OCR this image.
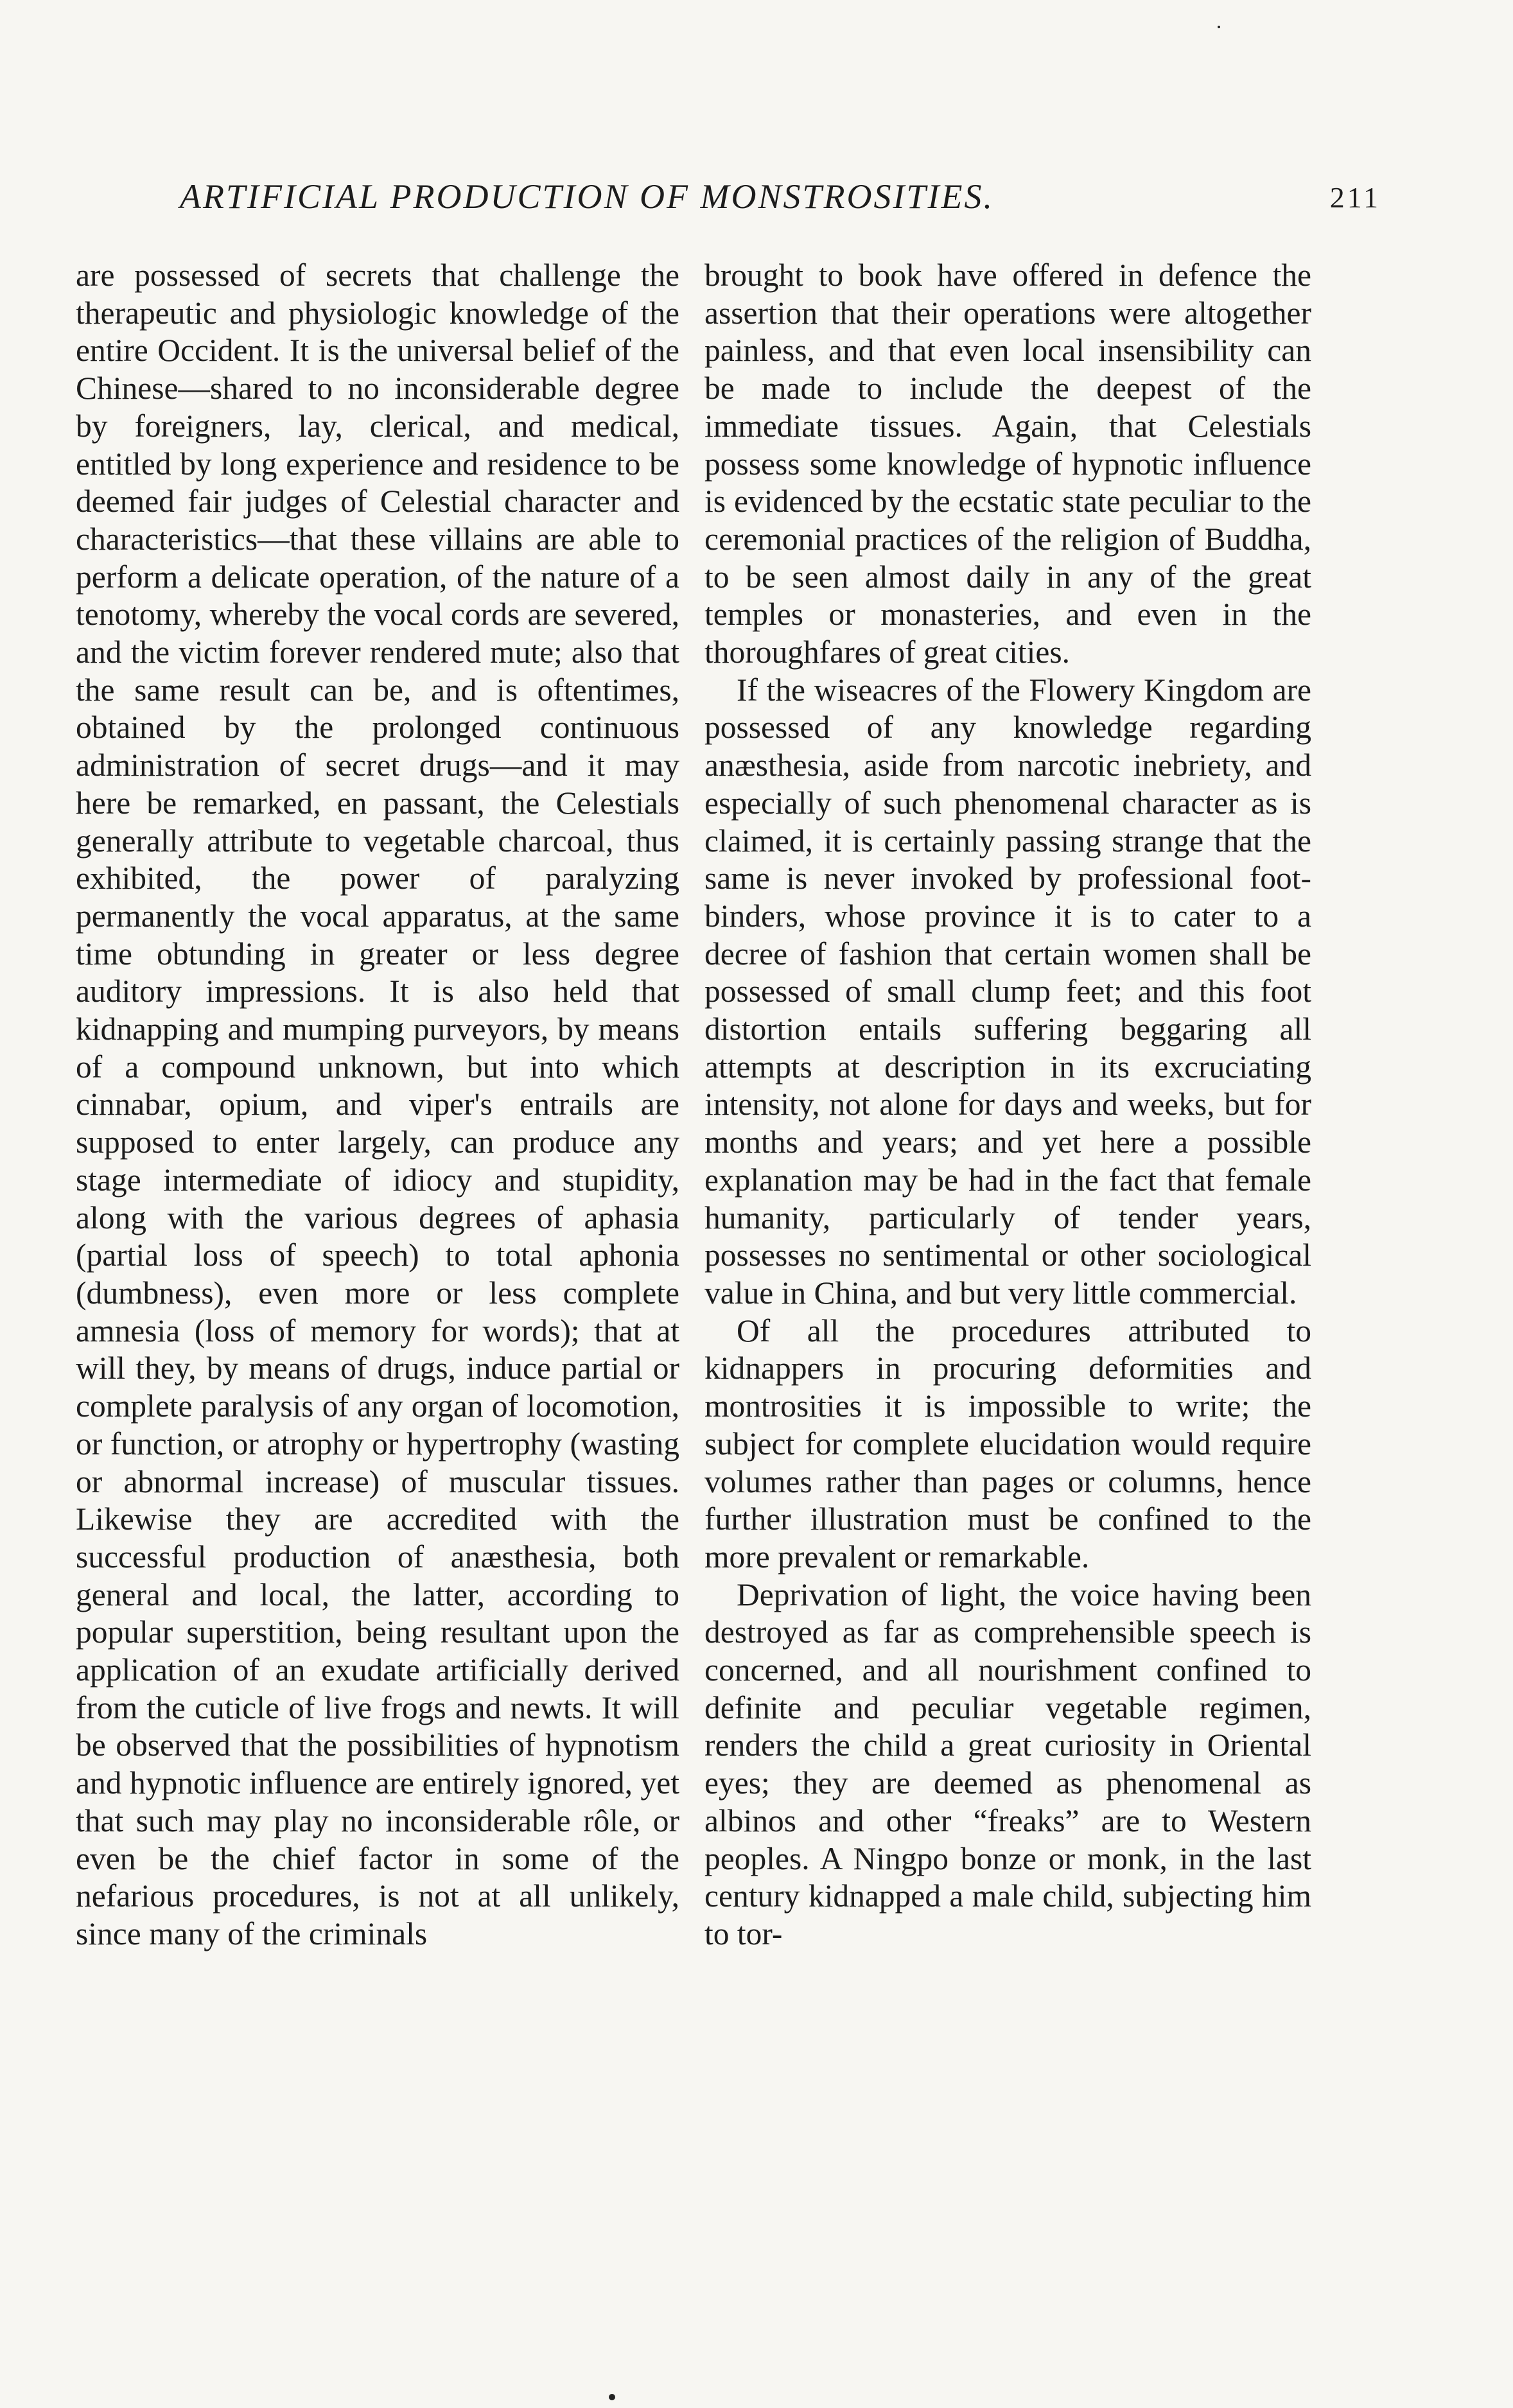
ARTIFICIAL PRODUCTION OF MONSTROSITIES.	211

are possessed of secrets that challenge the therapeutic and physiologic knowledge of the entire Occident. It is the universal belief of the Chinese—shared to no inconsiderable degree by foreigners, lay, clerical, and medical, entitled by long experience and residence to be deemed fair judges of Celestial character and characteristics—that these villains are able to perform a delicate operation, of the nature of a tenotomy, whereby the vocal cords are severed, and the victim forever rendered mute; also that the same result can be, and is oftentimes, obtained by the prolonged continuous administration of secret drugs—and it may here be remarked, en passant, the Celestials generally attribute to vegetable charcoal, thus exhibited, the power of paralyzing permanently the vocal apparatus, at the same time obtunding in greater or less degree auditory impressions. It is also held that kidnapping and mumping purveyors, by means of a compound unknown, but into which cinnabar, opium, and viper's entrails are supposed to enter largely, can produce any stage intermediate of idiocy and stupidity, along with the various degrees of aphasia (partial loss of speech) to total aphonia (dumbness), even more or less complete amnesia (loss of memory for words); that at will they, by means of drugs, induce partial or complete paralysis of any organ of locomotion, or function, or atrophy or hypertrophy (wasting or abnormal increase) of muscular tissues. Likewise they are accredited with the successful production of anæsthesia, both general and local, the latter, according to popular superstition, being resultant upon the application of an exudate artificially derived from the cuticle of live frogs and newts. It will be observed that the possibilities of hypnotism and hypnotic influence are entirely ignored, yet that such may play no inconsiderable rôle, or even be the chief factor in some of the nefarious procedures, is not at all unlikely, since many of the criminals

brought to book have offered in defence the assertion that their operations were altogether painless, and that even local insensibility can be made to include the deepest of the immediate tissues. Again, that Celestials possess some knowledge of hypnotic influence is evidenced by the ecstatic state peculiar to the ceremonial practices of the religion of Buddha, to be seen almost daily in any of the great temples or monasteries, and even in the thoroughfares of great cities.

If the wiseacres of the Flowery Kingdom are possessed of any knowledge regarding anæsthesia, aside from narcotic inebriety, and especially of such phenomenal character as is claimed, it is certainly passing strange that the same is never invoked by professional foot-binders, whose province it is to cater to a decree of fashion that certain women shall be possessed of small clump feet; and this foot distortion entails suffering beggaring all attempts at description in its excruciating intensity, not alone for days and weeks, but for months and years; and yet here a possible explanation may be had in the fact that female humanity, particularly of tender years, possesses no sentimental or other sociological value in China, and but very little commercial.

Of all the procedures attributed to kidnappers in procuring deformities and montrosities it is impossible to write; the subject for complete elucidation would require volumes rather than pages or columns, hence further illustration must be confined to the more prevalent or remarkable.

Deprivation of light, the voice having been destroyed as far as comprehensible speech is concerned, and all nourishment confined to definite and peculiar vegetable regimen, renders the child a great curiosity in Oriental eyes; they are deemed as phenomenal as albinos and other “freaks” are to Western peoples. A Ningpo bonze or monk, in the last century kidnapped a male child, subjecting him to tor-
